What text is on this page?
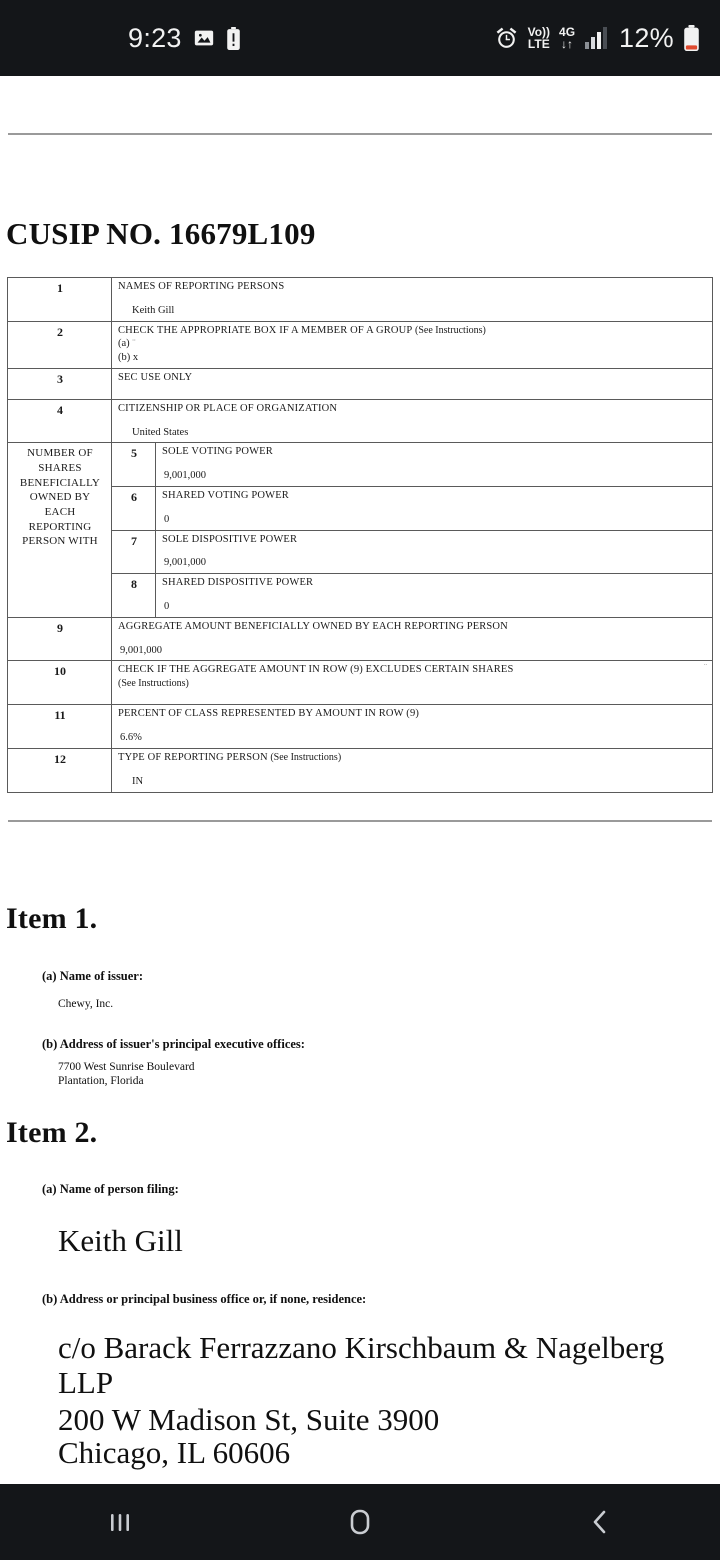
9:23	Vo))
LTE
4G
↓↑ 12%
CUSIP NO. 16679L109
1	NAMES OF REPORTING PERSONS
Keith Gill	

2	CHECK THE APPROPRIATE BOX IF A MEMBER OF A GROUP (See Instructions)
(a) ¨
(b) x	

3	SEC USE ONLY	

4	CITIZENSHIP OR PLACE OF ORGANIZATION
United States	

NUMBER OF SHARES BENEFICIALLY OWNED BY EACH REPORTING PERSON WITH	5	SOLE VOTING POWER
9,001,000

	6	SHARED VOTING POWER
0

	7	SOLE DISPOSITIVE POWER
9,001,000

	8	SHARED DISPOSITIVE POWER
0

9	AGGREGATE AMOUNT BENEFICIALLY OWNED BY EACH REPORTING PERSON
9,001,000	

10	¨
CHECK IF THE AGGREGATE AMOUNT IN ROW (9) EXCLUDES CERTAIN SHARES
(See Instructions)	

11	PERCENT OF CLASS REPRESENTED BY AMOUNT IN ROW (9)
6.6%	

12	TYPE OF REPORTING PERSON (See Instructions)
IN	
Item 1.
(a) Name of issuer:
Chewy, Inc.
(b) Address of issuer's principal executive offices:
7700 West Sunrise Boulevard
Plantation, Florida
Item 2.
(a) Name of person filing:
Keith Gill
(b) Address or principal business office or, if none, residence:
c/o Barack Ferrazzano Kirschbaum & Nagelberg LLP
200 W Madison St, Suite 3900
Chicago, IL 60606
